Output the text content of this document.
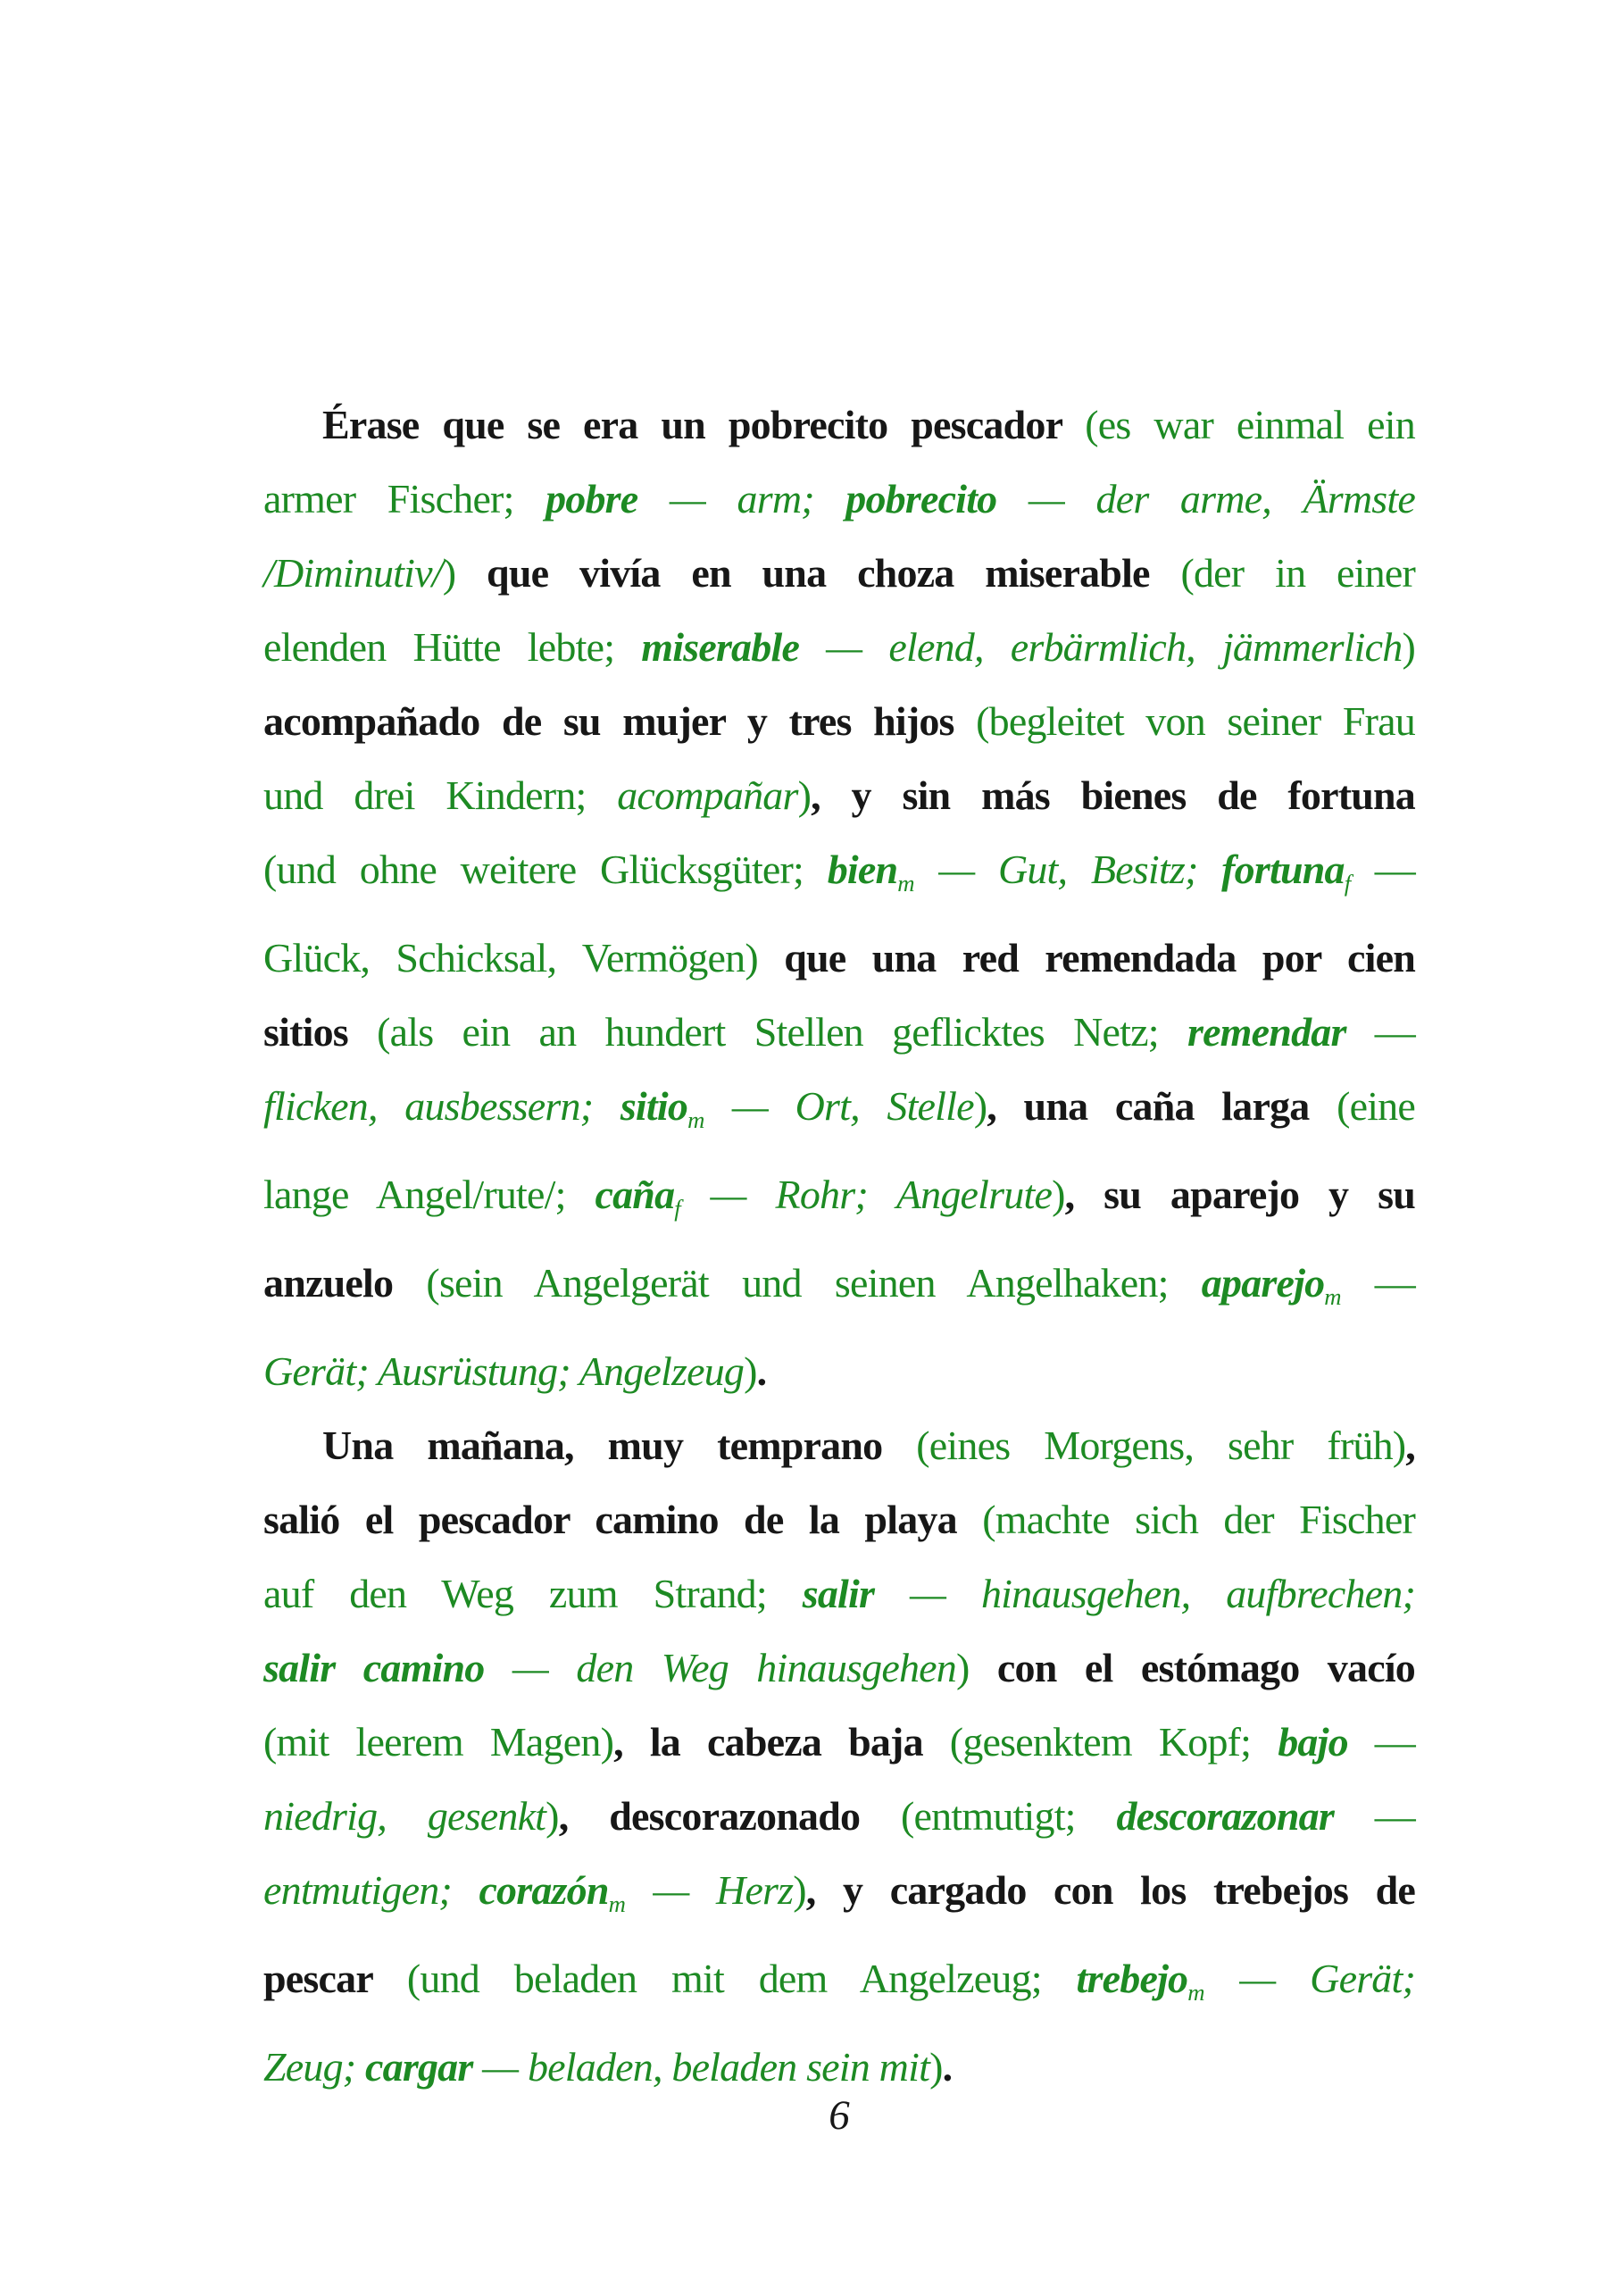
Érase que se era un pobrecito pescador (es war einmal ein
armer Fischer; pobre — arm; pobrecito — der arme, Ärmste
/Diminutiv/) que vivía en una choza miserable (der in einer
elenden Hütte lebte; miserable — elend, erbärmlich, jämmerlich)
acompañado de su mujer y tres hijos (begleitet von seiner Frau
und drei Kindern; acompañar), y sin más bienes de fortuna
(und ohne weitere Glücksgüter; bien$_m$ — Gut, Besitz; fortuna$_f$ —
Glück, Schicksal, Vermögen) que una red remendada por cien
sitios (als ein an hundert Stellen geflicktes Netz; remendar —
flicken, ausbessern; sitio$_m$ — Ort, Stelle), una caña larga (eine
lange Angel/rute/; caña$_f$ — Rohr; Angelrute), su aparejo y su
anzuelo (sein Angelgerät und seinen Angelhaken; aparejo$_m$ —
Gerät; Ausrüstung; Angelzeug).
Una mañana, muy temprano (eines Morgens, sehr früh),
salió el pescador camino de la playa (machte sich der Fischer
auf den Weg zum Strand; salir — hinausgehen, aufbrechen;
salir camino — den Weg hinausgehen) con el estómago vacío
(mit leerem Magen), la cabeza baja (gesenktem Kopf; bajo —
niedrig, gesenkt), descorazonado (entmutigt; descorazonar —
entmutigen; corazón$_m$ — Herz), y cargado con los trebejos de
pescar (und beladen mit dem Angelzeug; trebejo$_m$ — Gerät;
Zeug; cargar — beladen, beladen sein mit).
6
